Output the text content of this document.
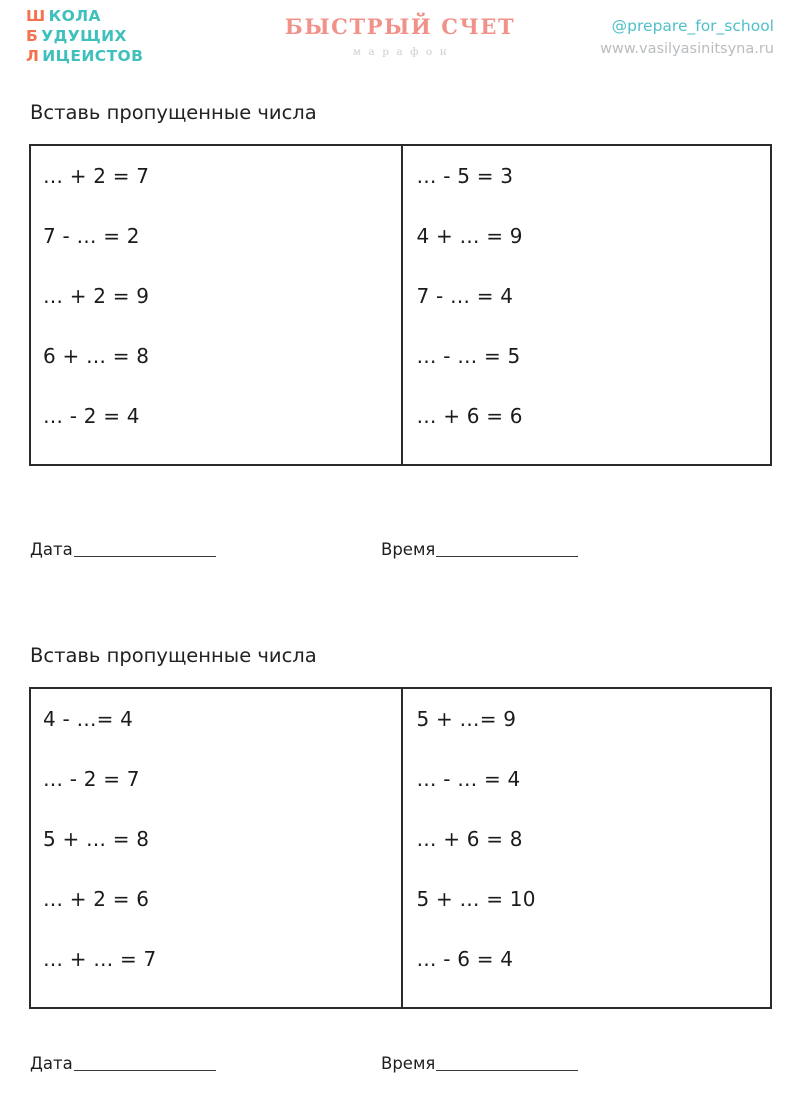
Ш КОЛА
Б УДУЩИХ
Л ИЦЕИСТОВ
БЫСТРЫЙ СЧЕТ
марафон
@prepare_for_school
www.vasilyasinitsyna.ru
Вставь пропущенные числа
… + 2 = 7
7 - … = 2
… + 2 = 9
6 + … = 8
… - 2 = 4
… - 5 = 3
4 + … = 9
7 - … = 4
… - … = 5
… + 6 = 6
Дата	Время
Вставь пропущенные числа
4 - …= 4
… - 2 = 7
5 + … = 8
… + 2 = 6
… + … = 7
5 + …= 9
… - … = 4
… + 6 = 8
5 + … = 10
… - 6 = 4
Дата	Время
